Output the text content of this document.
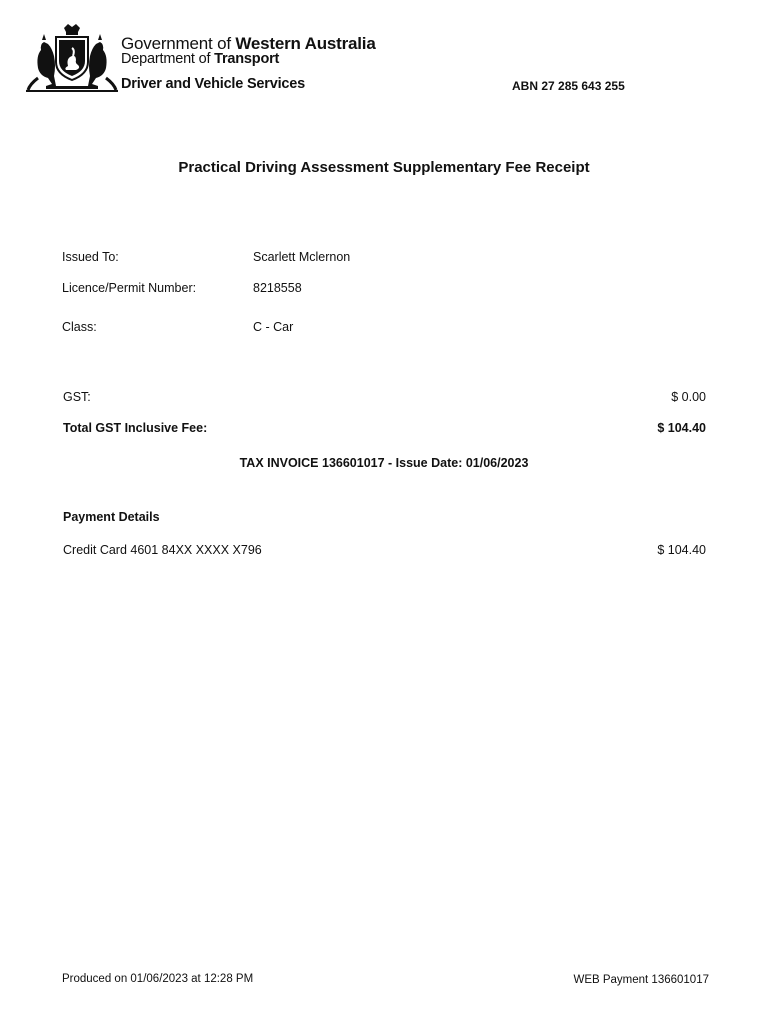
Government of Western Australia
Department of Transport
Driver and Vehicle Services	ABN 27 285 643 255
Practical Driving Assessment Supplementary Fee Receipt
Issued To:	Scarlett Mclernon
Licence/Permit Number:	8218558
Class:	C - Car
GST:	$ 0.00
Total GST Inclusive Fee:	$ 104.40
TAX INVOICE 136601017 - Issue Date: 01/06/2023
Payment Details
Credit Card 4601 84XX XXXX X796	$ 104.40
Produced on 01/06/2023 at 12:28 PM	WEB Payment 136601017
